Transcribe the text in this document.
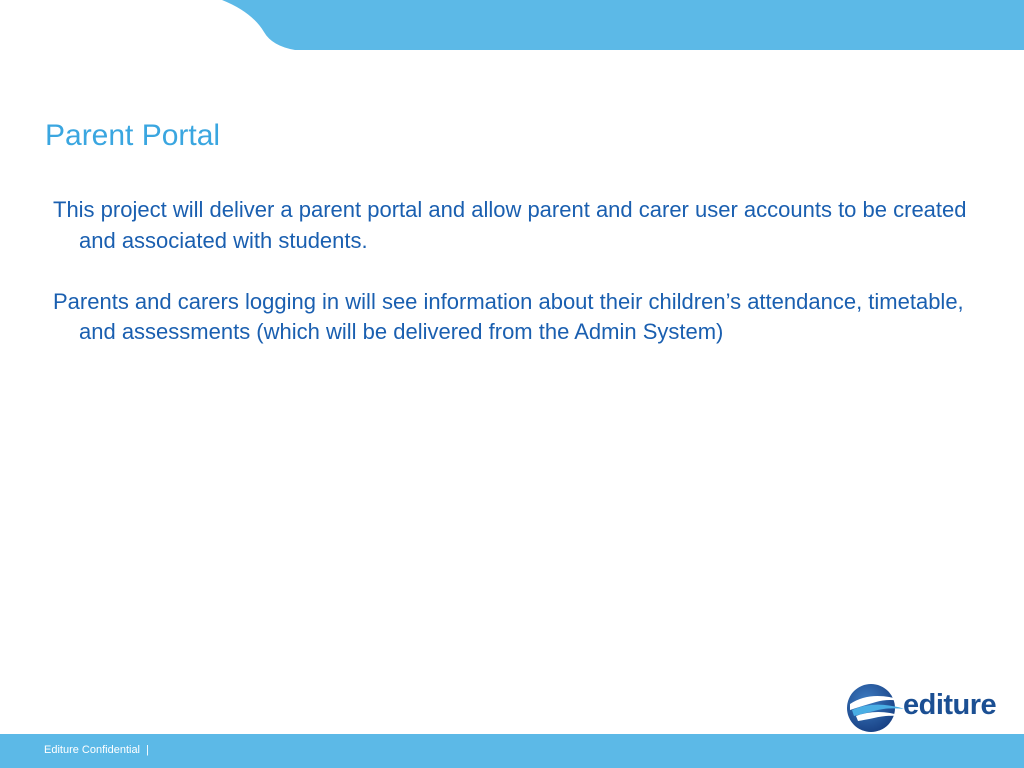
Parent Portal

This project will deliver a parent portal and allow parent and carer user accounts to be created and associated with students.

Parents and carers logging in will see information about their children’s attendance, timetable, and assessments (which will be delivered from the Admin System)

editure
Editure Confidential  |
